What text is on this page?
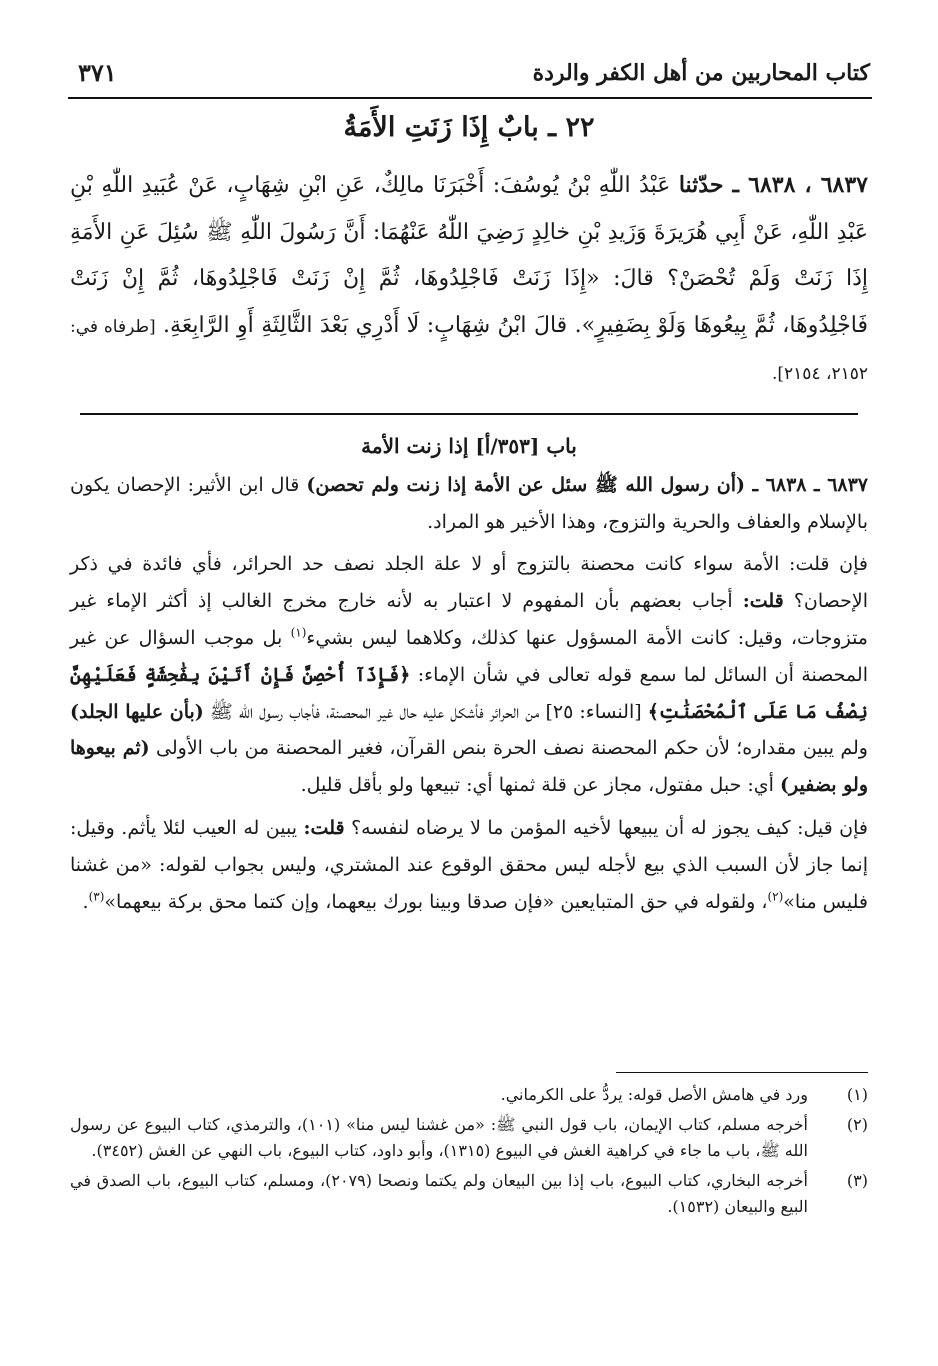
كتاب المحاربين من أهل الكفر والردة
٣٧١
٢٢ ـ بابٌ إِذَا زَنَتِ الأَمَةُ
٦٨٣٧ ، ٦٨٣٨ ـ حدّثنا عَبْدُ اللّٰهِ بْنُ يُوسُفَ: أَخْبَرَنَا مالِكٌ، عَنِ ابْنِ شِهَابٍ، عَنْ عُبَيدِ اللّٰهِ بْنِ عَبْدِ اللّٰهِ، عَنْ أَبِي هُرَيرَةَ وَزَيدِ بْنِ خالِدٍ رَضِيَ اللّٰهُ عَنْهُمَا: أَنَّ رَسُولَ اللّٰهِ ﷺ سُئِلَ عَنِ الأَمَةِ إِذَا زَنَتْ وَلَمْ تُحْصَنْ؟ قالَ: «إِذَا زَنَتْ فَاجْلِدُوهَا، ثُمَّ إِنْ زَنَتْ فَاجْلِدُوهَا، ثُمَّ إِنْ زَنَتْ فَاجْلِدُوهَا، ثُمَّ بِيعُوهَا وَلَوْ بِضَفِيرٍ». قالَ ابْنُ شِهَابٍ: لَا أَدْرِي بَعْدَ الثَّالِثَةِ أَوِ الرَّابِعَةِ. [طرفاه في: ٢١٥٢، ٢١٥٤].

باب [٣٥٣/أ] إذا زنت الأمة

٦٨٣٧ ـ ٦٨٣٨ ـ (أن رسول الله ﷺ سئل عن الأمة إذا زنت ولم تحصن) قال ابن الأثير: الإحصان يكون بالإسلام والعفاف والحرية والتزوج، وهذا الأخير هو المراد.

فإن قلت: الأمة سواء كانت محصنة بالتزوج أو لا علة الجلد نصف حد الحرائر، فأي فائدة في ذكر الإحصان؟ قلت: أجاب بعضهم بأن المفهوم لا اعتبار به لأنه خارج مخرج الغالب إذ أكثر الإماء غير متزوجات، وقيل: كانت الأمة المسؤول عنها كذلك، وكلاهما ليس بشيء$^{(١)}$ بل موجب السؤال عن غير المحصنة أن السائل لما سمع قوله تعالى في شأن الإماء: ﴿فَإِذَآ أُحْصِنَّ فَإِنْ أَتَيْنَ بِفَٰحِشَةٍ فَعَلَيْهِنَّ نِصْفُ مَا عَلَى ٱلْمُحْصَنَٰتِ﴾ [النساء: ٢٥] من الحرائر فأشكل عليه حال غير المحصنة، فأجاب رسول الله ﷺ (بأن عليها الجلد) ولم يبين مقداره؛ لأن حكم المحصنة نصف الحرة بنص القرآن، فغير المحصنة من باب الأولى (ثم بيعوها ولو بضفير) أي: حبل مفتول، مجاز عن قلة ثمنها أي: تبيعها ولو بأقل قليل.

فإن قيل: كيف يجوز له أن يبيعها لأخيه المؤمن ما لا يرضاه لنفسه؟ قلت: يبين له العيب لئلا يأثم. وقيل: إنما جاز لأن السبب الذي بيع لأجله ليس محقق الوقوع عند المشتري، وليس بجواب لقوله: «من غشنا فليس منا»$^{(٢)}$، ولقوله في حق المتبايعين «فإن صدقا وبينا بورك بيعهما، وإن كتما محق بركة بيعهما»$^{(٣)}$.

(١)
ورد في هامش الأصل قوله: يردُّ على الكرماني.
(٢)
أخرجه مسلم، كتاب الإيمان، باب قول النبي ﷺ: «من غشنا ليس منا» (١٠١)، والترمذي، كتاب البيوع عن رسول الله ﷺ، باب ما جاء في كراهية الغش في البيوع (١٣١٥)، وأبو داود، كتاب البيوع، باب النهي عن الغش (٣٤٥٢).
(٣)
أخرجه البخاري، كتاب البيوع، باب إذا بين البيعان ولم يكتما ونصحا (٢٠٧٩)، ومسلم، كتاب البيوع، باب الصدق في البيع والبيعان (١٥٣٢).
